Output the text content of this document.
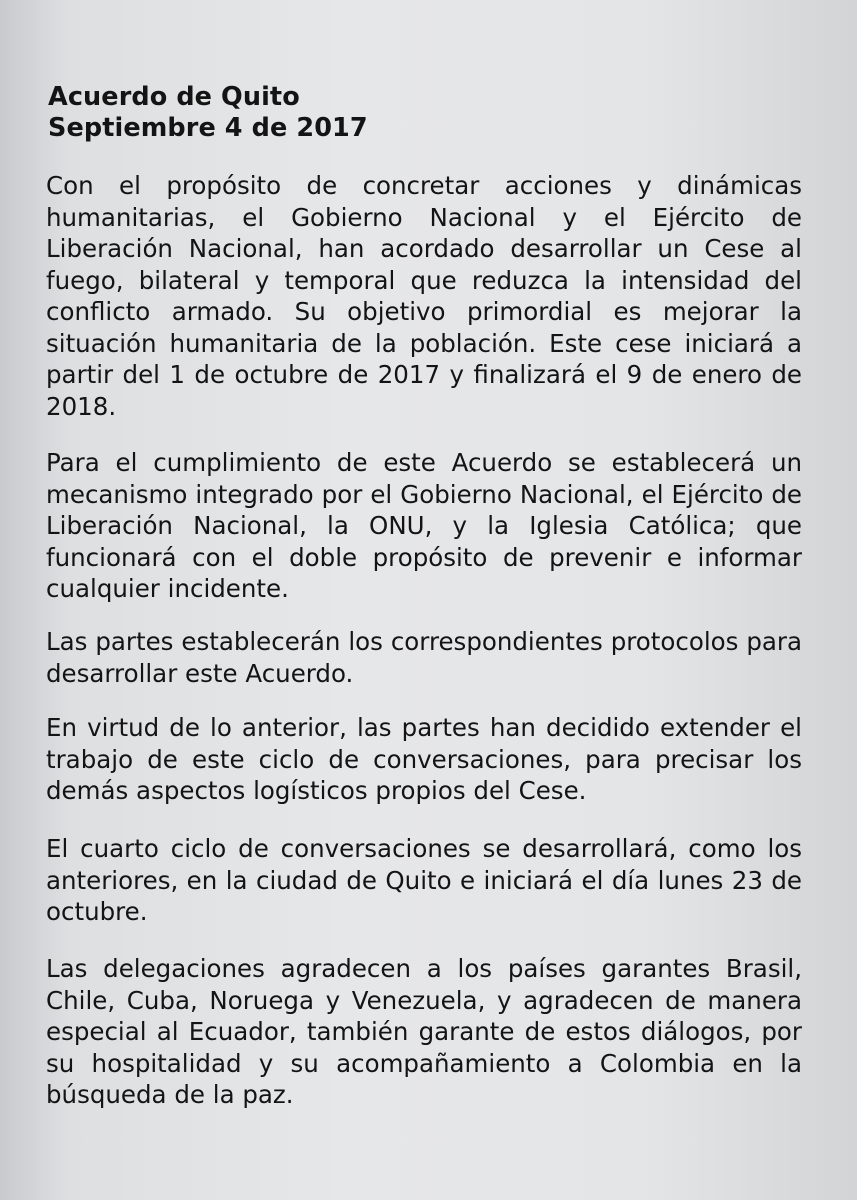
Acuerdo de Quito

Septiembre 4 de 2017

Con el propósito de concretar acciones y dinámicas humanitarias, el Gobierno Nacional y el Ejército de Liberación Nacional, han acordado desarrollar un Cese al fuego, bilateral y temporal que reduzca la intensidad del conflicto armado. Su objetivo primordial es mejorar la situación humanitaria de la población. Este cese iniciará a partir del 1 de octubre de 2017 y finalizará el 9 de enero de 2018.

Para el cumplimiento de este Acuerdo se establecerá un mecanismo integrado por el Gobierno Nacional, el Ejército de Liberación Nacional, la ONU, y la Iglesia Católica; que funcionará con el doble propósito de prevenir e informar cualquier incidente.

Las partes establecerán los correspondientes protocolos para desarrollar este Acuerdo.

En virtud de lo anterior, las partes han decidido extender el trabajo de este ciclo de conversaciones, para precisar los demás aspectos logísticos propios del Cese.

El cuarto ciclo de conversaciones se desarrollará, como los anteriores, en la ciudad de Quito e iniciará el día lunes 23 de octubre.

Las delegaciones agradecen a los países garantes Brasil, Chile, Cuba, Noruega y Venezuela, y agradecen de manera especial al Ecuador, también garante de estos diálogos, por su hospitalidad y su acompañamiento a Colombia en la búsqueda de la paz.
